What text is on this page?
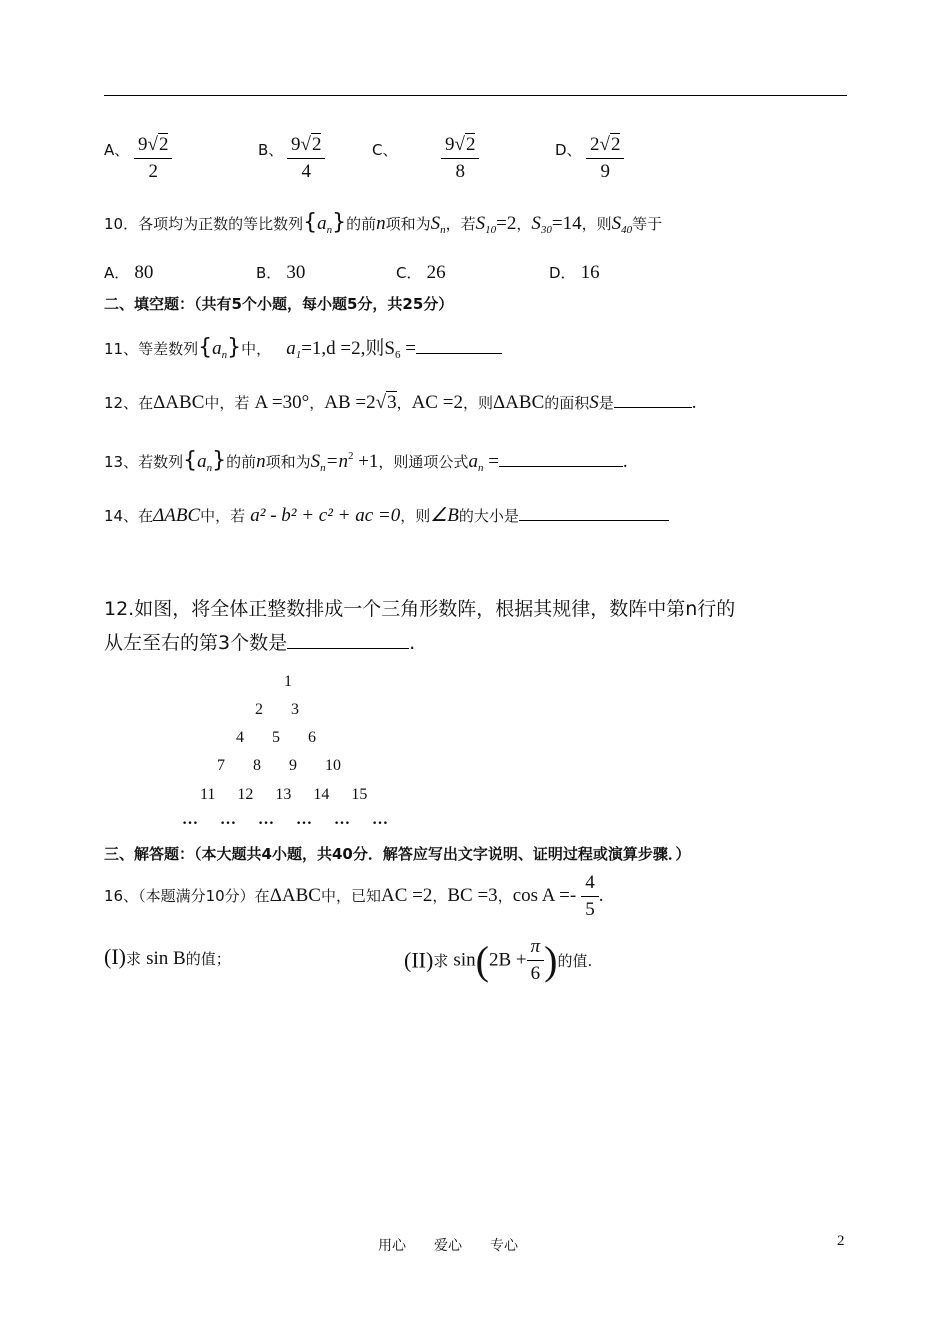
A、 $\frac{9√2}{2}$	B、 $\frac{9√2}{4}$	C、 $\frac{9√2}{8}$	D、 $\frac{2√2}{9}$
10．各项均为正数的等比数列$\{a_n\}$的前n项和为$S_n$，若$S_{10}=2$，$S_{30}=14$，则$S_{40}$等于
A． 80	B． 30	C． 26	D． 16
二、填空题：（共有5个小题，每小题5分，共25分）
11、等差数列$\{a_n\}$中， $a_1=1,d =2$,则$S_6$ =
12、在ΔABC中，若 A =30°，AB =2√3，AC =2，则ΔABC的面积S是	.
13、若数列$\{a_n\}$的前n项和为$S_n=n^2 +1$，则通项公式$a_n$ =	.
14、在ΔABC中，若 a² - b² + c² + ac =0，则∠B的大小是
12.如图，将全体正整数排成一个三角形数阵，根据其规律，数阵中第n行的
从左至右的第3个数是	.
1
2 3
4 5 6
7 8 9 10
11 12 13 14 15
… … … … … …
三、解答题：（本大题共4小题，共40分．解答应写出文字说明、证明过程或演算步骤．）
16、（本题满分10分）在ΔABC中，已知AC =2，BC =3，$\cos A =- \frac{4}{5}$ .
(I)求 sin B的值；	(II)求 $\sin(2B + \frac{\pi}{6}$ )的值.
用心　　爱心　　专心	2
